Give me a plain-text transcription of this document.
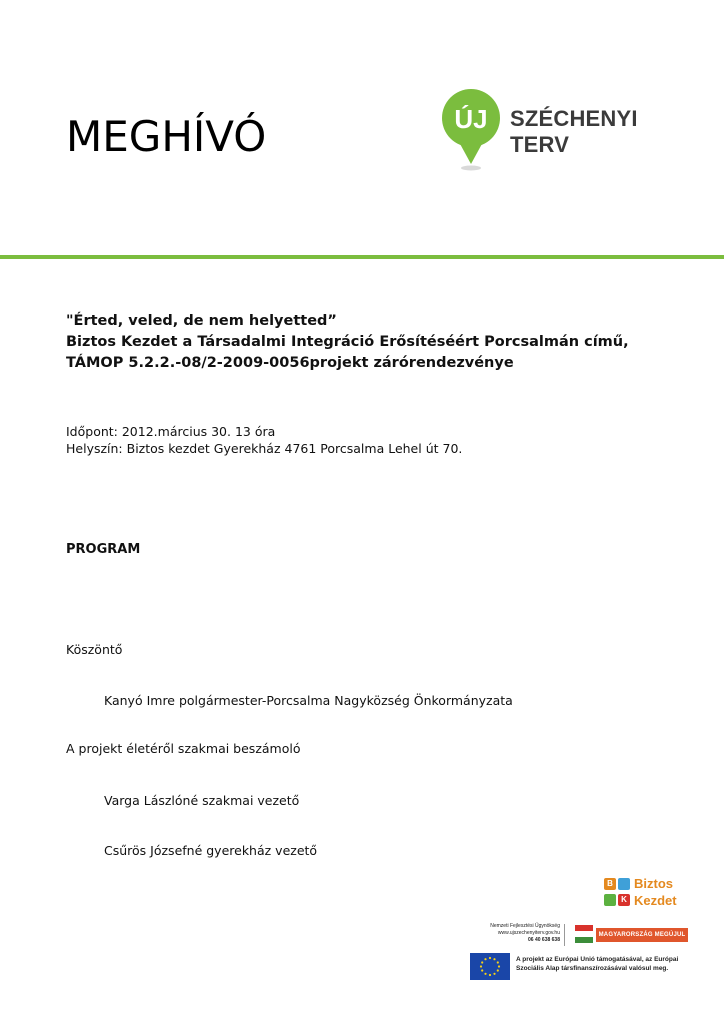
MEGHÍVÓ	ÚJ SZÉCHENYI TERV
"Érted, veled, de nem helyetted”
Biztos Kezdet a Társadalmi Integráció Erősítéséért Porcsalmán című,
TÁMOP 5.2.2.-08/2-2009-0056projekt zárórendezvénye
Időpont: 2012.március 30. 13 óra
Helyszín: Biztos kezdet Gyerekház 4761 Porcsalma Lehel út 70.
PROGRAM
Köszöntő
Kanyó Imre polgármester-Porcsalma Nagyközség Önkormányzata
A projekt életéről szakmai beszámoló
Varga Lászlóné szakmai vezető
Csűrös Józsefné gyerekház vezető
B
K
Biztos
Kezdet
Nemzeti Fejlesztési Ügynökség
www.ujszechenyiterv.gov.hu
06 40 638 638
MAGYARORSZÁG MEGÚJUL
A projekt az Európai Unió támogatásával, az Európai
Szociális Alap társfinanszírozásával valósul meg.
